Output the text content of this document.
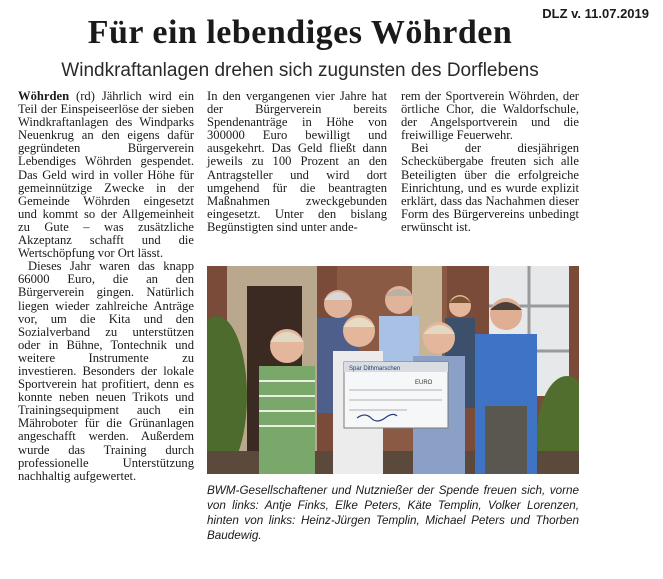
DLZ v. 11.07.2019
Für ein lebendiges Wöhrden
Windkraftanlagen drehen sich zugunsten des Dorflebens

Wöhrden (rd) Jährlich wird ein Teil der Einspeiseerlöse der sieben Windkraftanlagen des Windparks Neuenkrug an den eigens dafür gegründeten Bürgerverein Lebendiges Wöhrden gespendet. Das Geld wird in voller Höhe für gemeinnützige Zwecke in der Gemeinde Wöhrden eingesetzt und kommt so der Allgemeinheit zu Gute – was zusätzliche Akzeptanz schafft und die Wertschöpfung vor Ort lässt.

Dieses Jahr waren das knapp 66000 Euro, die an den Bürgerverein gingen. Natürlich liegen wieder zahlreiche Anträge vor, um die Kita und den Sozialverband zu unterstützen oder in Bühne, Tontechnik und weitere Instrumente zu investieren. Besonders der lokale Sportverein hat profitiert, denn es konnte neben neuen Trikots und Trainingsequipment auch ein Mähroboter für die Grünanlagen angeschafft werden. Außerdem wurde das Training durch professionelle Unterstützung nachhaltig aufgewertet.

In den vergangenen vier Jahre hat der Bürgerverein bereits Spendenanträge in Höhe von 300000 Euro bewilligt und ausgekehrt. Das Geld fließt dann jeweils zu 100 Prozent an den Antragsteller und wird dort umgehend für die beantragten Maßnahmen zweckgebunden eingesetzt. Unter den bislang Begünstigten sind unter ande-

rem der Sportverein Wöhrden, der örtliche Chor, die Waldorfschule, der Angelsportverein und die freiwillige Feuerwehr.

Bei der diesjährigen Scheckübergabe freuten sich alle Beteiligten über die erfolgreiche Einrichtung, und es wurde explizit erklärt, dass das Nachahmen dieser Form des Bürgervereins unbedingt erwünscht ist.

Spar Dithmarschen
EURO
BWM-Gesellschaftener und Nutznießer der Spende freuen sich, vorne von links: Antje Finks, Elke Peters, Käte Templin, Volker Lorenzen, hinten von links: Heinz-Jürgen Templin, Michael Peters und Thorben Baudewig.
